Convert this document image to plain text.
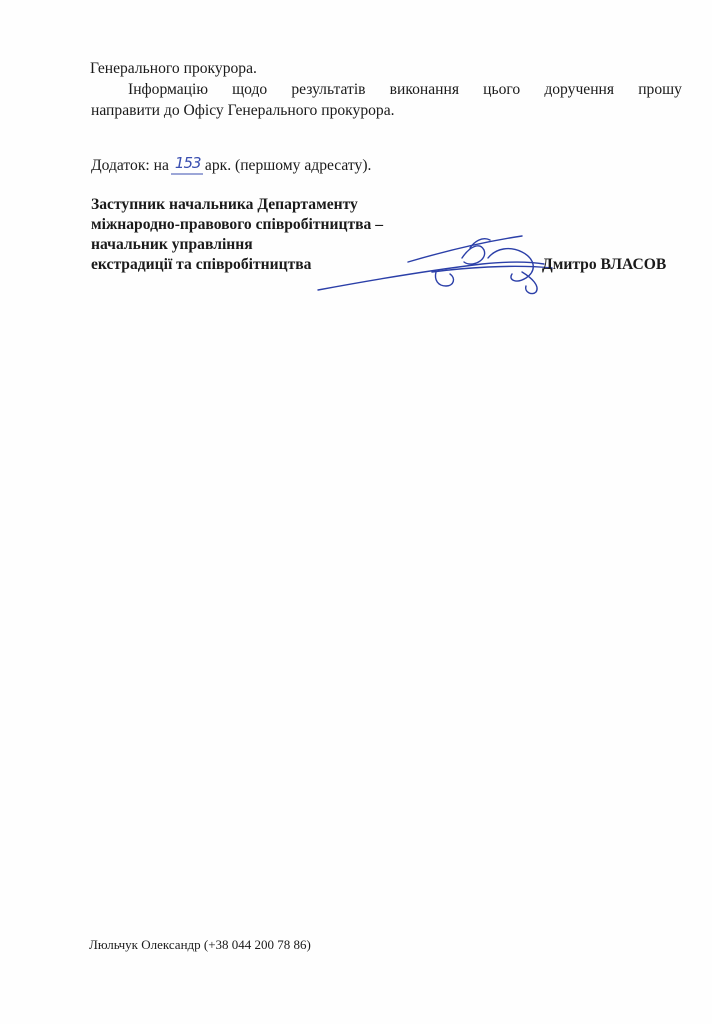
Генерального прокурора.
Інформацію щодо результатів виконання цього доручення прошу
направити до Офісу Генерального прокурора.
Додаток: на 153 арк. (першому адресату).
Заступник начальника Департаменту
міжнародно-правового співробітництва –
начальник управління
екстрадиції та співробітництва	Дмитро ВЛАСОВ
Люльчук Олександр (+38 044 200 78 86)
